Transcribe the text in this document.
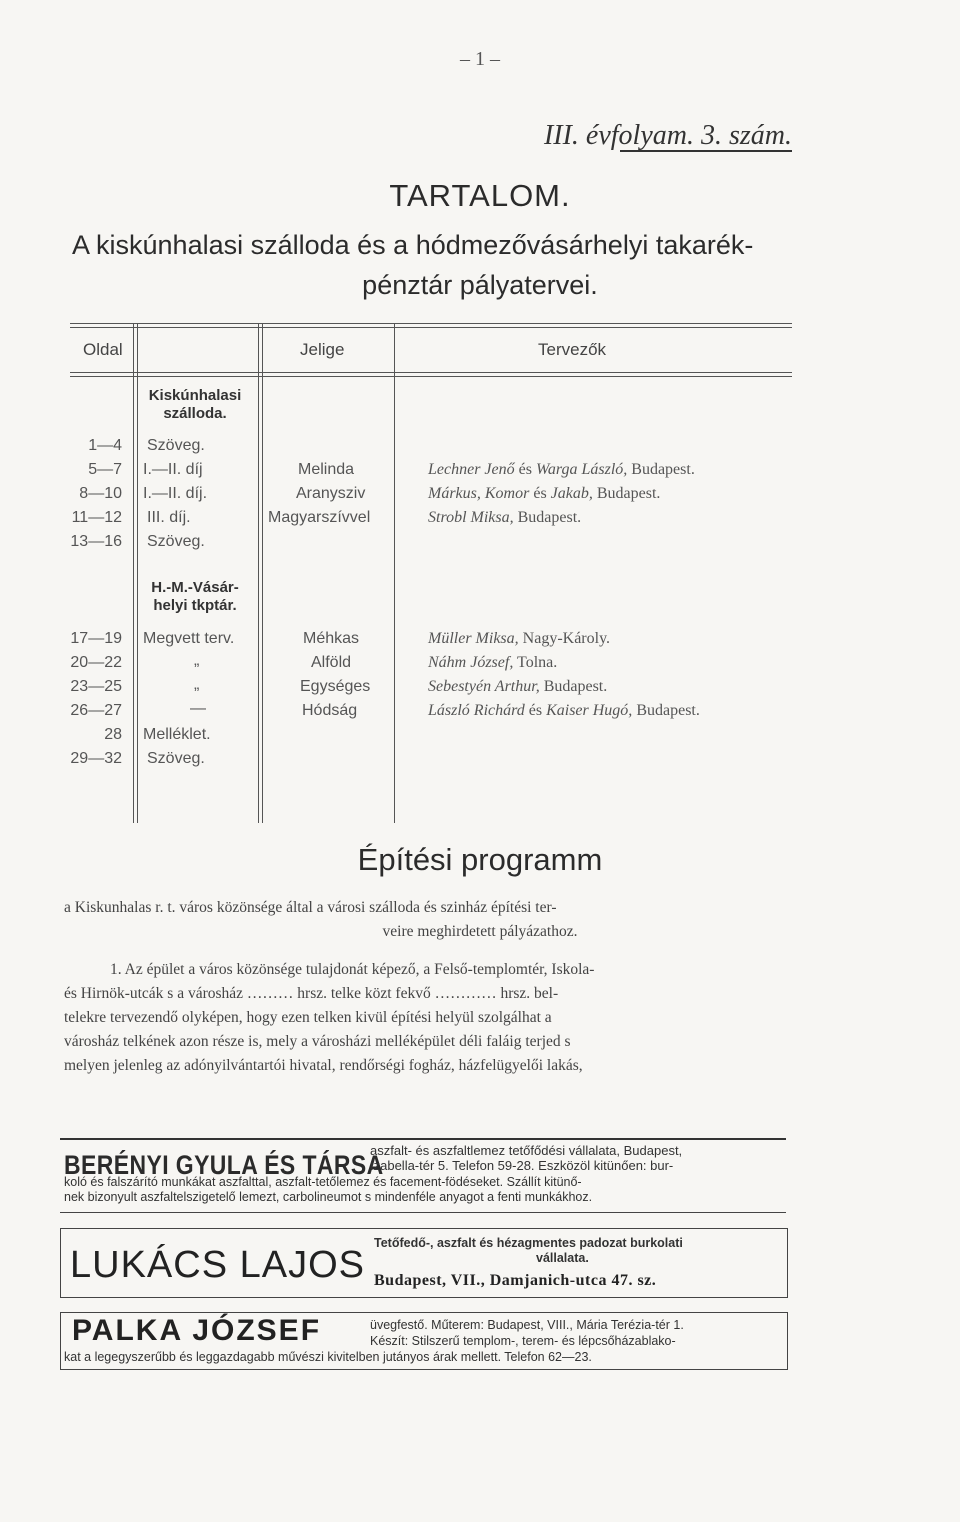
– 1 –
III. évfolyam. 3. szám.
TARTALOM.
A kiskúnhalasi szálloda és a hódmezővásárhelyi takarék-
pénztár pályatervei.
Oldal	Jelige	Tervezők
Kiskúnhalasi
szálloda.
H.-M.-Vásár-
helyi tkptár.
1—4 Szöveg.
5—7 I.—II. díj	Melinda	Lechner Jenő és Warga László, Budapest.
8—10 I.—II. díj.	Aranysziv	Márkus, Komor és Jakab, Budapest.
11—12 III. díj.	Magyarszívvel	Strobl Miksa, Budapest.
13—16 Szöveg.
17—19 Megvett terv.	Méhkas	Müller Miksa, Nagy-Károly.
20—22	„	Alföld	Náhm József, Tolna.
23—25	„	Egységes	Sebestyén Arthur, Budapest.
26—27	—	Hódság	László Richárd és Kaiser Hugó, Budapest.
28 Melléklet.
29—32 Szöveg.
Építési programm
a Kiskunhalas r. t. város közönsége által a városi szálloda és szinház építési ter-
veire meghirdetett pályázathoz.
1. Az épület a város közönsége tulajdonát képező, a Felső-templomtér, Iskola-
és Hirnök-utcák s a városház ……… hrsz. telke közt fekvő ………… hrsz. bel-
telekre tervezendő olyképen, hogy ezen telken kivül építési helyül szolgálhat a
városház telkének azon része is, mely a városházi melléképület déli faláig terjed s
melyen jelenleg az adónyilvántartói hivatal, rendőrségi fogház, házfelügyelői lakás,
BERÉNYI GYULA ÉS TÁRSA
aszfalt- és aszfaltlemez tetőfődési vállalata, Budapest,
Izabella-tér 5. Telefon 59-28. Eszközöl kitünően: bur-
koló és falszárító munkákat aszfalttal, aszfalt-tetőlemez és facement-födéseket. Szállít kitünő-
nek bizonyult aszfaltelszigetelő lemezt, carbolineumot s mindenféle anyagot a fenti munkákhoz.
LUKÁCS LAJOS
Tetőfedő-, aszfalt és hézagmentes padozat burkolati
vállalata.
Budapest, VII., Damjanich-utca 47. sz.
PALKA JÓZSEF	üvegfestő. Műterem: Budapest, VIII., Mária Terézia-tér 1.
Készít: Stilszerű templom-, terem- és lépcsőházablako-
kat a legegyszerűbb és leggazdagabb művészi kivitelben jutányos árak mellett. Telefon 62—23.
